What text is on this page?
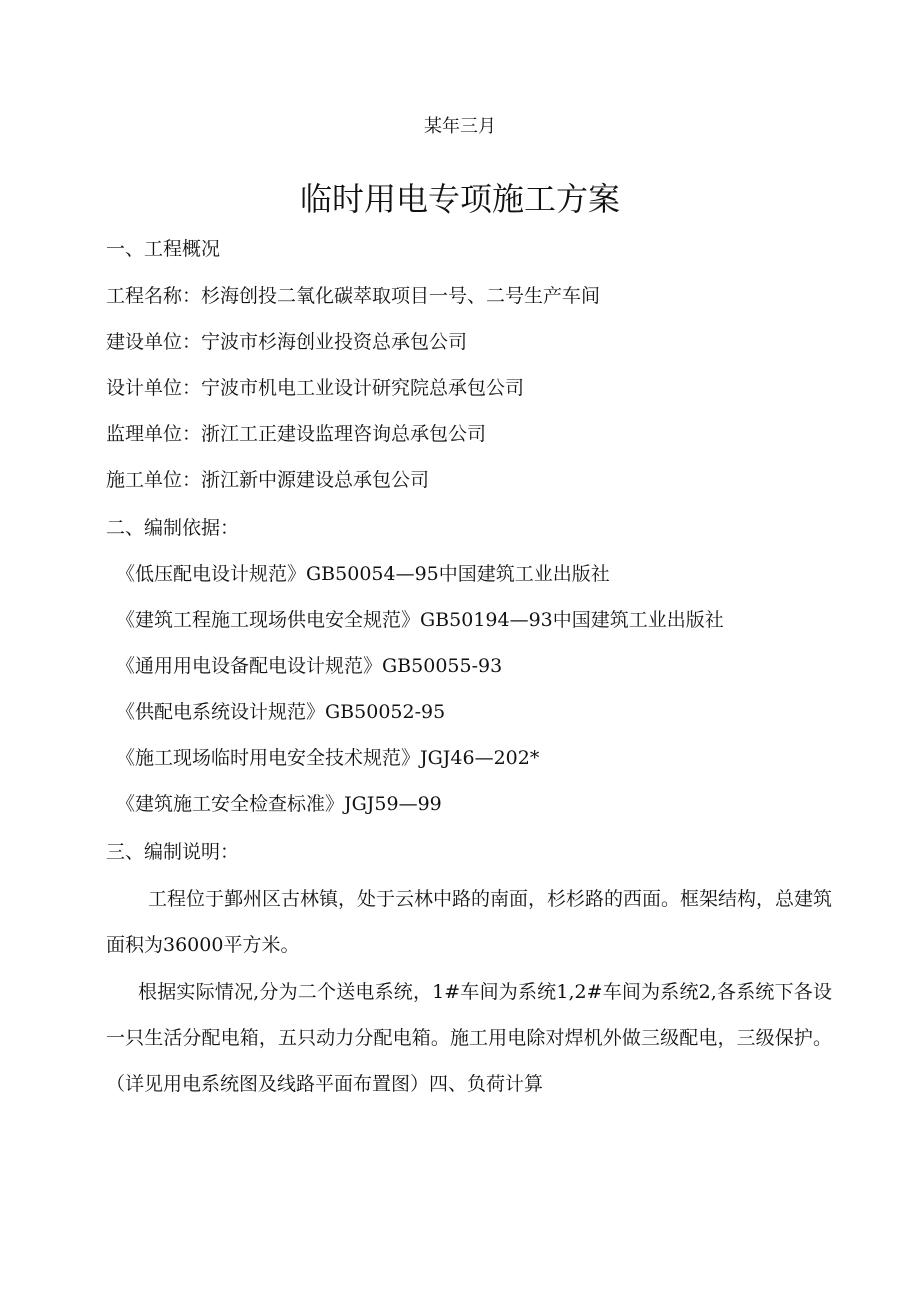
某年三月
临时用电专项施工方案
一、工程概况
工程名称：杉海创投二氧化碳萃取项目一号、二号生产车间
建设单位：宁波市杉海创业投资总承包公司
设计单位：宁波市机电工业设计研究院总承包公司
监理单位：浙江工正建设监理咨询总承包公司
施工单位：浙江新中源建设总承包公司
二、编制依据：
《低压配电设计规范》GB50054—95中国建筑工业出版社
《建筑工程施工现场供电安全规范》GB50194—93中国建筑工业出版社
《通用用电设备配电设计规范》GB50055-93
《供配电系统设计规范》GB50052-95
《施工现场临时用电安全技术规范》JGJ46—202*
《建筑施工安全检查标准》JGJ59—99
三、编制说明：
工程位于鄞州区古林镇，处于云林中路的南面，杉杉路的西面。框架结构，总建筑面积为36000平方米。
根据实际情况,分为二个送电系统，1#车间为系统1,2#车间为系统2,各系统下各设一只生活分配电箱，五只动力分配电箱。施工用电除对焊机外做三级配电，三级保护。（详见用电系统图及线路平面布置图）四、负荷计算
